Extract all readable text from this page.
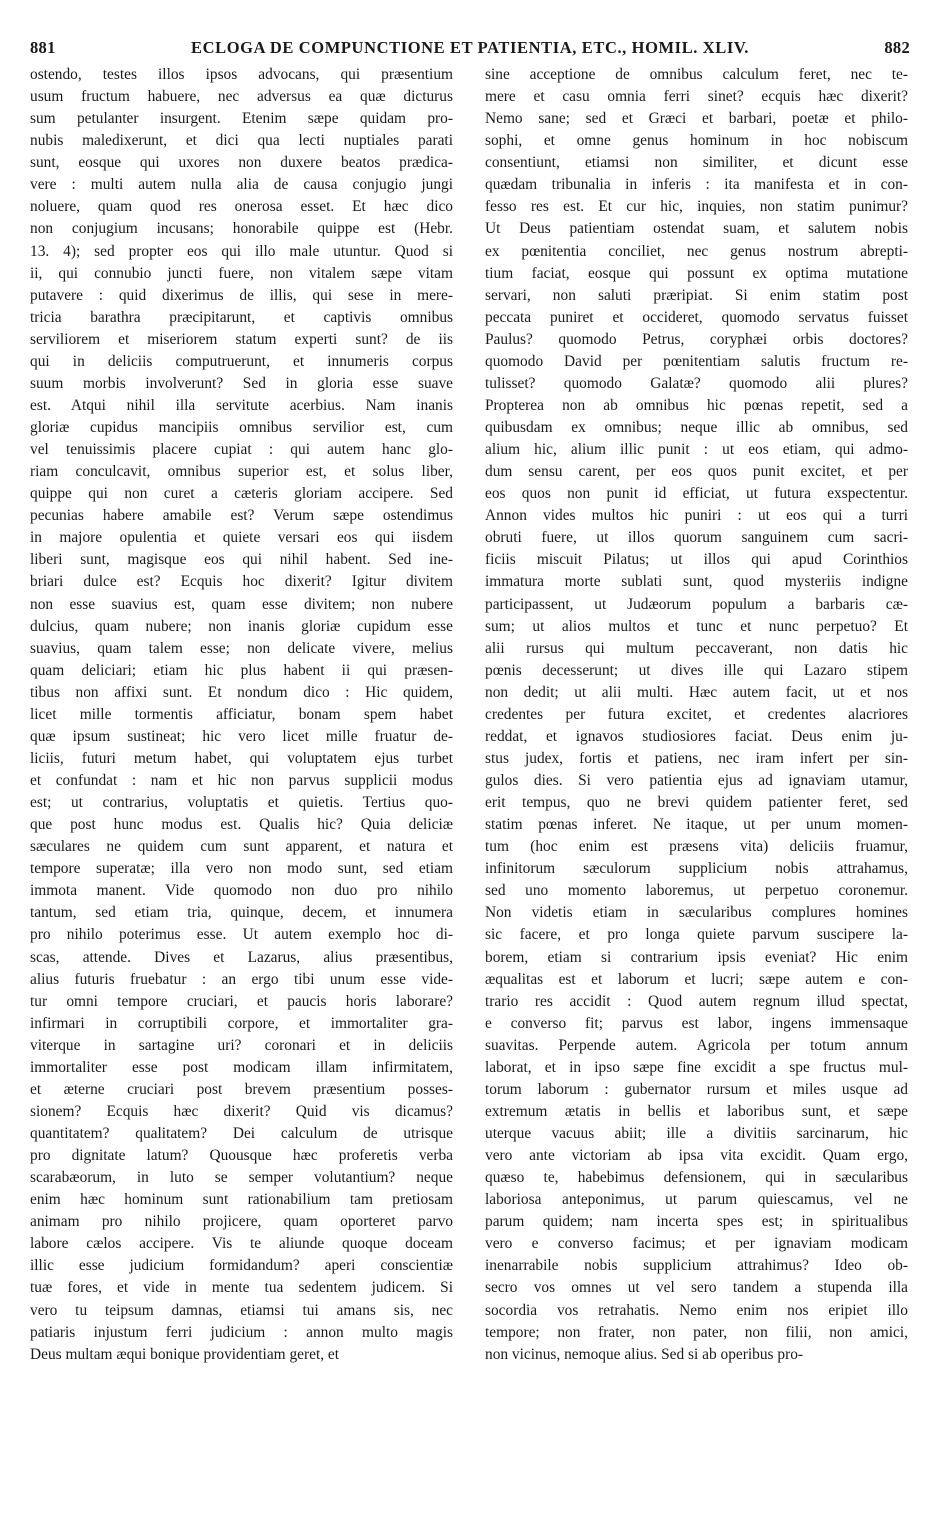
881	ECLOGA DE COMPUNCTIONE ET PATIENTIA, ETC., HOMIL. XLIV.	882
ostendo, testes illos ipsos advocans, qui præsentium
usum fructum habuere, nec adversus ea quæ dicturus
sum petulanter insurgent. Etenim sæpe quidam pro-
nubis maledixerunt, et dici qua lecti nuptiales parati
sunt, eosque qui uxores non duxere beatos prædica-
vere : multi autem nulla alia de causa conjugio jungi
noluere, quam quod res onerosa esset. Et hæc dico
non conjugium incusans; honorabile quippe est (Hebr.
13. 4); sed propter eos qui illo male utuntur. Quod si
ii, qui connubio juncti fuere, non vitalem sæpe vitam
putavere : quid dixerimus de illis, qui sese in mere-
tricia barathra præcipitarunt, et captivis omnibus
serviliorem et miseriorem statum experti sunt? de iis
qui in deliciis computruerunt, et innumeris corpus
suum morbis involverunt? Sed in gloria esse suave
est. Atqui nihil illa servitute acerbius. Nam inanis
gloriæ cupidus mancipiis omnibus servilior est, cum
vel tenuissimis placere cupiat : qui autem hanc glo-
riam conculcavit, omnibus superior est, et solus liber,
quippe qui non curet a cæteris gloriam accipere. Sed
pecunias habere amabile est? Verum sæpe ostendimus
in majore opulentia et quiete versari eos qui iisdem
liberi sunt, magisque eos qui nihil habent. Sed ine-
briari dulce est? Ecquis hoc dixerit? Igitur divitem
non esse suavius est, quam esse divitem; non nubere
dulcius, quam nubere; non inanis gloriæ cupidum esse
suavius, quam talem esse; non delicate vivere, melius
quam deliciari; etiam hic plus habent ii qui præsen-
tibus non affixi sunt. Et nondum dico : Hic quidem,
licet mille tormentis afficiatur, bonam spem habet
quæ ipsum sustineat; hic vero licet mille fruatur de-
liciis, futuri metum habet, qui voluptatem ejus turbet
et confundat : nam et hic non parvus supplicii modus
est; ut contrarius, voluptatis et quietis. Tertius quo-
que post hunc modus est. Qualis hic? Quia deliciæ
sæculares ne quidem cum sunt apparent, et natura et
tempore superatæ; illa vero non modo sunt, sed etiam
immota manent. Vide quomodo non duo pro nihilo
tantum, sed etiam tria, quinque, decem, et innumera
pro nihilo poterimus esse. Ut autem exemplo hoc di-
scas, attende. Dives et Lazarus, alius præsentibus,
alius futuris fruebatur : an ergo tibi unum esse vide-
tur omni tempore cruciari, et paucis horis laborare?
infirmari in corruptibili corpore, et immortaliter gra-
viterque in sartagine uri? coronari et in deliciis
immortaliter esse post modicam illam infirmitatem,
et æterne cruciari post brevem præsentium posses-
sionem? Ecquis hæc dixerit? Quid vis dicamus?
quantitatem? qualitatem? Dei calculum de utrisque
pro dignitate latum? Quousque hæc proferetis verba
scarabæorum, in luto se semper volutantium? neque
enim hæc hominum sunt rationabilium tam pretiosam
animam pro nihilo projicere, quam oporteret parvo
labore cælos accipere. Vis te aliunde quoque doceam
illic esse judicium formidandum? aperi conscientiæ
tuæ fores, et vide in mente tua sedentem judicem. Si
vero tu teipsum damnas, etiamsi tui amans sis, nec
patiaris injustum ferri judicium : annon multo magis
Deus multam æqui bonique providentiam geret, et
sine acceptione de omnibus calculum feret, nec te-
mere et casu omnia ferri sinet? ecquis hæc dixerit?
Nemo sane; sed et Græci et barbari, poetæ et philo-
sophi, et omne genus hominum in hoc nobiscum
consentiunt, etiamsi non similiter, et dicunt esse
quædam tribunalia in inferis : ita manifesta et in con-
fesso res est. Et cur hic, inquies, non statim punimur?
Ut Deus patientiam ostendat suam, et salutem nobis
ex pœnitentia conciliet, nec genus nostrum abrepti-
tium faciat, eosque qui possunt ex optima mutatione
servari, non saluti præripiat. Si enim statim post
peccata puniret et occideret, quomodo servatus fuisset
Paulus? quomodo Petrus, coryphæi orbis doctores?
quomodo David per pœnitentiam salutis fructum re-
tulisset? quomodo Galatæ? quomodo alii plures?
Propterea non ab omnibus hic pœnas repetit, sed a
quibusdam ex omnibus; neque illic ab omnibus, sed
alium hic, alium illic punit : ut eos etiam, qui admo-
dum sensu carent, per eos quos punit excitet, et per
eos quos non punit id efficiat, ut futura exspectentur.
Annon vides multos hic puniri : ut eos qui a turri
obruti fuere, ut illos quorum sanguinem cum sacri-
ficiis miscuit Pilatus; ut illos qui apud Corinthios
immatura morte sublati sunt, quod mysteriis indigne
participassent, ut Judæorum populum a barbaris cæ-
sum; ut alios multos et tunc et nunc perpetuo? Et
alii rursus qui multum peccaverant, non datis hic
pœnis decesserunt; ut dives ille qui Lazaro stipem
non dedit; ut alii multi. Hæc autem facit, ut et nos
credentes per futura excitet, et credentes alacriores
reddat, et ignavos studiosiores faciat. Deus enim ju-
stus judex, fortis et patiens, nec iram infert per sin-
gulos dies. Si vero patientia ejus ad ignaviam utamur,
erit tempus, quo ne brevi quidem patienter feret, sed
statim pœnas inferet. Ne itaque, ut per unum momen-
tum (hoc enim est præsens vita) deliciis fruamur,
infinitorum sæculorum supplicium nobis attrahamus,
sed uno momento laboremus, ut perpetuo coronemur.
Non videtis etiam in sæcularibus complures homines
sic facere, et pro longa quiete parvum suscipere la-
borem, etiam si contrarium ipsis eveniat? Hic enim
æqualitas est et laborum et lucri; sæpe autem e con-
trario res accidit : Quod autem regnum illud spectat,
e converso fit; parvus est labor, ingens immensaque
suavitas. Perpende autem. Agricola per totum annum
laborat, et in ipso sæpe fine excidit a spe fructus mul-
torum laborum : gubernator rursum et miles usque ad
extremum ætatis in bellis et laboribus sunt, et sæpe
uterque vacuus abiit; ille a divitiis sarcinarum, hic
vero ante victoriam ab ipsa vita excidit. Quam ergo,
quæso te, habebimus defensionem, qui in sæcularibus
laboriosa anteponimus, ut parum quiescamus, vel ne
parum quidem; nam incerta spes est; in spiritualibus
vero e converso facimus; et per ignaviam modicam
inenarrabile nobis supplicium attrahimus? Ideo ob-
secro vos omnes ut vel sero tandem a stupenda illa
socordia vos retrahatis. Nemo enim nos eripiet illo
tempore; non frater, non pater, non filii, non amici,
non vicinus, nemoque alius. Sed si ab operibus pro-
